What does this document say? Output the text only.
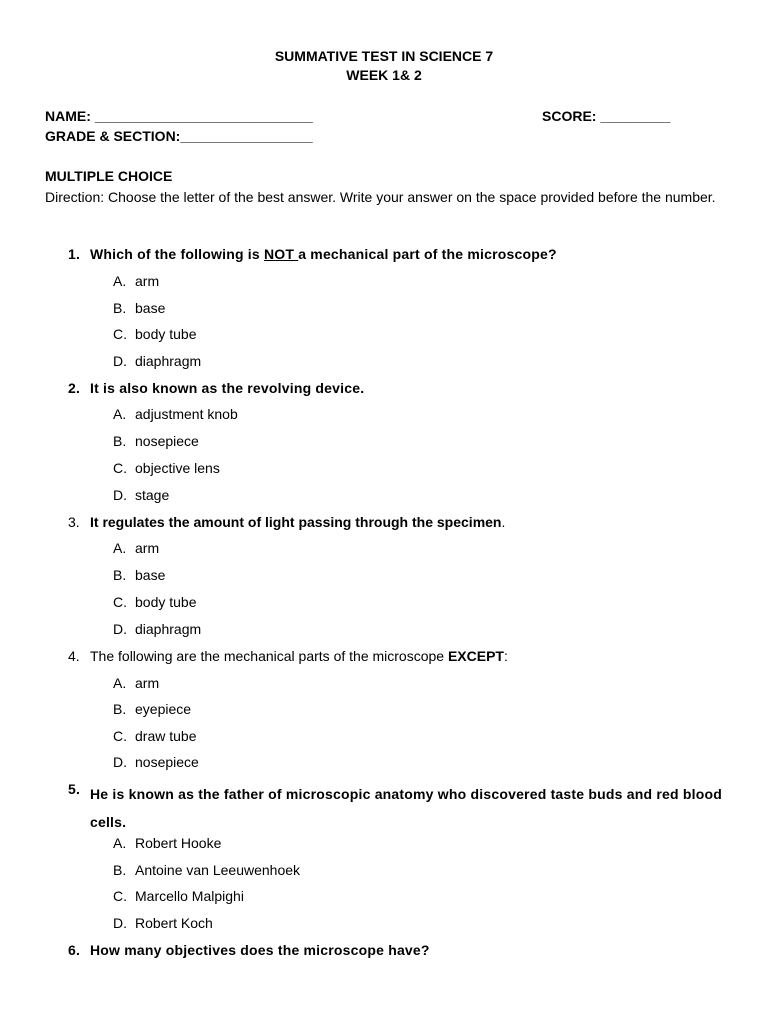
SUMMATIVE TEST IN SCIENCE 7
WEEK 1& 2
NAME: ____________________________	SCORE: _________
GRADE & SECTION:_________________
MULTIPLE CHOICE
Direction: Choose the letter of the best answer. Write your answer on the space provided before the number.
1. Which of the following is NOT a mechanical part of the microscope?
A. arm
B. base
C. body tube
D. diaphragm
2. It is also known as the revolving device.
A. adjustment knob
B. nosepiece
C. objective lens
D. stage
3. It regulates the amount of light passing through the specimen.
A. arm
B. base
C. body tube
D. diaphragm
4. The following are the mechanical parts of the microscope EXCEPT:
A. arm
B. eyepiece
C. draw tube
D. nosepiece
5. He is known as the father of microscopic anatomy who discovered taste buds and red blood cells.
A. Robert Hooke
B. Antoine van Leeuwenhoek
C. Marcello Malpighi
D. Robert Koch
6. How many objectives does the microscope have?
